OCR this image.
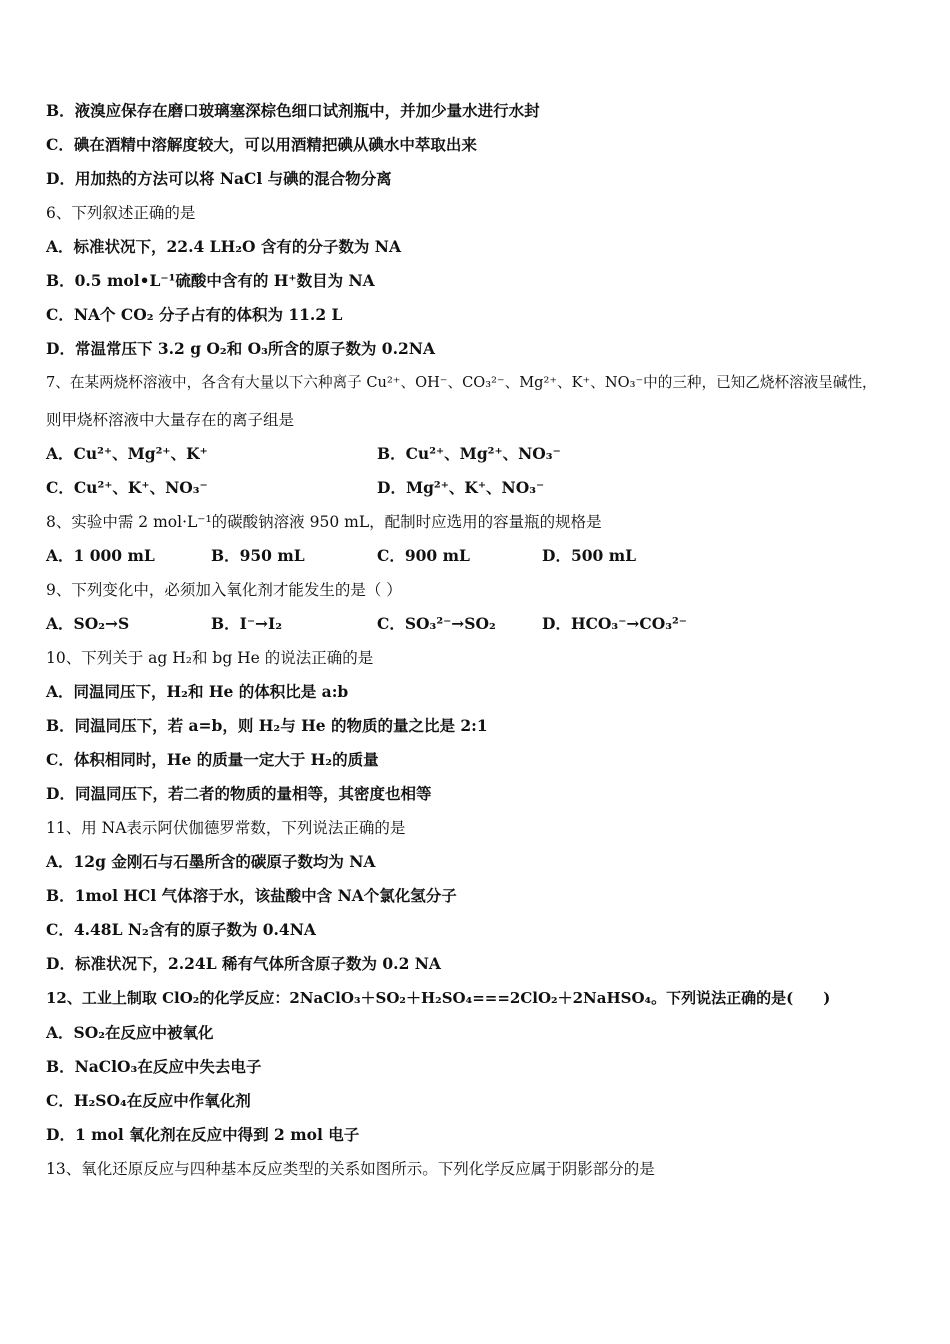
B．液溴应保存在磨口玻璃塞深棕色细口试剂瓶中，并加少量水进行水封
C．碘在酒精中溶解度较大，可以用酒精把碘从碘水中萃取出来
D．用加热的方法可以将 NaCl 与碘的混合物分离
6、下列叙述正确的是
A．标准状况下，22.4 LH₂O 含有的分子数为 NA
B．0.5 mol•L⁻¹硫酸中含有的 H⁺数目为 NA
C．NA个 CO₂ 分子占有的体积为 11.2 L
D．常温常压下 3.2 g O₂和 O₃所含的原子数为 0.2NA
7、在某两烧杯溶液中，各含有大量以下六种离子 Cu²⁺、OH⁻、CO₃²⁻、Mg²⁺、K⁺、NO₃⁻中的三种，已知乙烧杯溶液呈碱性，
则甲烧杯溶液中大量存在的离子组是
A．Cu²⁺、Mg²⁺、K⁺	B．Cu²⁺、Mg²⁺、NO₃⁻
C．Cu²⁺、K⁺、NO₃⁻	D．Mg²⁺、K⁺、NO₃⁻
8、实验中需 2 mol·L⁻¹的碳酸钠溶液 950 mL，配制时应选用的容量瓶的规格是
A．1 000 mL	B．950 mL	C．900 mL	D．500 mL
9、下列变化中，必须加入氧化剂才能发生的是（ ）
A．SO₂→S	B．I⁻→I₂	C．SO₃²⁻→SO₂	D．HCO₃⁻→CO₃²⁻
10、下列关于 ag H₂和 bg He 的说法正确的是
A．同温同压下，H₂和 He 的体积比是 a:b
B．同温同压下，若 a=b，则 H₂与 He 的物质的量之比是 2:1
C．体积相同时，He 的质量一定大于 H₂的质量
D．同温同压下，若二者的物质的量相等，其密度也相等
11、用 NA表示阿伏伽德罗常数，下列说法正确的是
A．12g 金刚石与石墨所含的碳原子数均为 NA
B．1mol HCl 气体溶于水，该盐酸中含 NA个氯化氢分子
C．4.48L N₂含有的原子数为 0.4NA
D．标准状况下，2.24L 稀有气体所含原子数为 0.2 NA
12、工业上制取 ClO₂的化学反应：2NaClO₃＋SO₂＋H₂SO₄===2ClO₂＋2NaHSO₄。下列说法正确的是(　　)
A．SO₂在反应中被氧化
B．NaClO₃在反应中失去电子
C．H₂SO₄在反应中作氧化剂
D．1 mol 氧化剂在反应中得到 2 mol 电子
13、氧化还原反应与四种基本反应类型的关系如图所示。下列化学反应属于阴影部分的是
